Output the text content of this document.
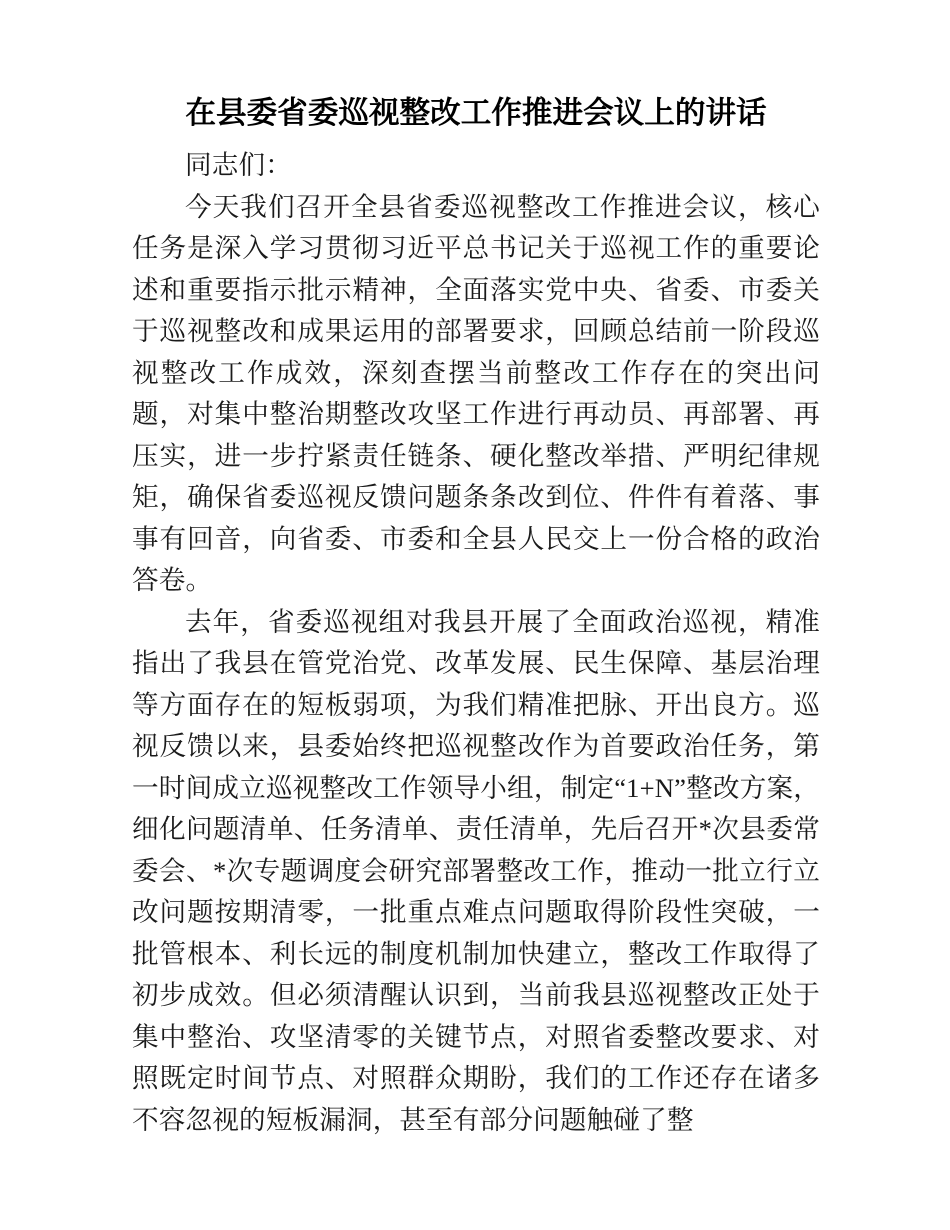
在县委省委巡视整改工作推进会议上的讲话

同志们：

今天我们召开全县省委巡视整改工作推进会议，核心任务是深入学习贯彻习近平总书记关于巡视工作的重要论述和重要指示批示精神，全面落实党中央、省委、市委关于巡视整改和成果运用的部署要求，回顾总结前一阶段巡视整改工作成效，深刻查摆当前整改工作存在的突出问题，对集中整治期整改攻坚工作进行再动员、再部署、再压实，进一步拧紧责任链条、硬化整改举措、严明纪律规矩，确保省委巡视反馈问题条条改到位、件件有着落、事事有回音，向省委、市委和全县人民交上一份合格的政治答卷。

去年，省委巡视组对我县开展了全面政治巡视，精准指出了我县在管党治党、改革发展、民生保障、基层治理等方面存在的短板弱项，为我们精准把脉、开出良方。巡视反馈以来，县委始终把巡视整改作为首要政治任务，第一时间成立巡视整改工作领导小组，制定“1+N”整改方案，细化问题清单、任务清单、责任清单，先后召开*次县委常委会、*次专题调度会研究部署整改工作，推动一批立行立改问题按期清零，一批重点难点问题取得阶段性突破，一批管根本、利长远的制度机制加快建立，整改工作取得了初步成效。但必须清醒认识到，当前我县巡视整改正处于集中整治、攻坚清零的关键节点，对照省委整改要求、对照既定时间节点、对照群众期盼，我们的工作还存在诸多不容忽视的短板漏洞，甚至有部分问题触碰了整
